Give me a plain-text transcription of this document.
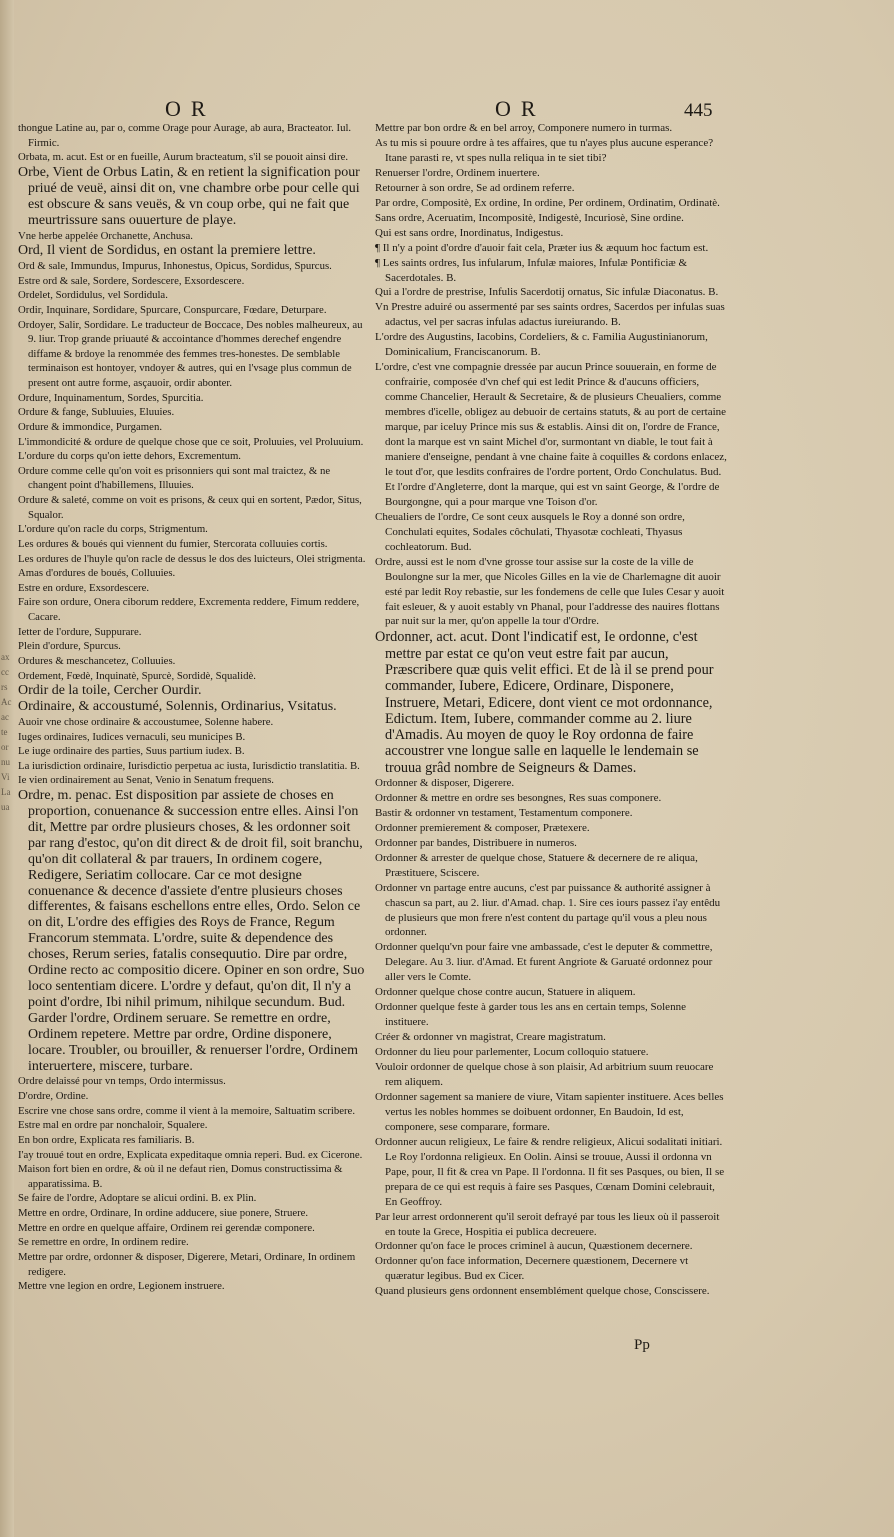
ax
cc
rs
Ac
ac
te
or
nu
Vi
La
ua
OR	OR	445

thongue Latine au, par o, comme Orage pour Aurage, ab aura, Bracteator. Iul. Firmic.

Orbata, m. acut. Est or en fueille, Aurum bracteatum, s'il se pouoit ainsi dire.

Orbe, Vient de Orbus Latin, & en retient la signification pour priué de veuë, ainsi dit on, vne chambre orbe pour celle qui est obscure & sans veuës, & vn coup orbe, qui ne fait que meurtrissure sans ouuerture de playe.

Vne herbe appelée Orchanette, Anchusa.

Ord, Il vient de Sordidus, en ostant la premiere lettre.

Ord & sale, Immundus, Impurus, Inhonestus, Opicus, Sordidus, Spurcus.

Estre ord & sale, Sordere, Sordescere, Exsordescere.

Ordelet, Sordidulus, vel Sordidula.

Ordir, Inquinare, Sordidare, Spurcare, Conspurcare, Fœdare, Deturpare.

Ordoyer, Salir, Sordidare. Le traducteur de Boccace, Des nobles malheureux, au 9. liur. Trop grande priuauté & accointance d'hommes derechef engendre diffame & brdoye la renommée des femmes tres-honestes. De semblable terminaison est hontoyer, vndoyer & autres, qui en l'vsage plus commun de present ont autre forme, asçauoir, ordir abonter.

Ordure, Inquinamentum, Sordes, Spurcitia.

Ordure & fange, Subluuies, Eluuies.

Ordure & immondice, Purgamen.

L'immondicité & ordure de quelque chose que ce soit, Proluuies, vel Proluuium.

L'ordure du corps qu'on iette dehors, Excrementum.

Ordure comme celle qu'on voit es prisonniers qui sont mal traictez, & ne changent point d'habillemens, Illuuies.

Ordure & saleté, comme on voit es prisons, & ceux qui en sortent, Pædor, Situs, Squalor.

L'ordure qu'on racle du corps, Strigmentum.

Les ordures & boués qui viennent du fumier, Stercorata colluuies cortis.

Les ordures de l'huyle qu'on racle de dessus le dos des luicteurs, Olei strigmenta.

Amas d'ordures de boués, Colluuies.

Estre en ordure, Exsordescere.

Faire son ordure, Onera ciborum reddere, Excrementa reddere, Fimum reddere, Cacare.

Ietter de l'ordure, Suppurare.

Plein d'ordure, Spurcus.

Ordures & meschancetez, Colluuies.

Ordement, Fœdè, Inquinatè, Spurcè, Sordidè, Squalidè.

Ordir de la toile, Cercher Ourdir.

Ordinaire, & accoustumé, Solennis, Ordinarius, Vsitatus.

Auoir vne chose ordinaire & accoustumee, Solenne habere.

Iuges ordinaires, Iudices vernaculi, seu municipes B.

Le iuge ordinaire des parties, Suus partium iudex. B.

La iurisdiction ordinaire, Iurisdictio perpetua ac iusta, Iurisdictio translatitia. B.

Ie vien ordinairement au Senat, Venio in Senatum frequens.

Ordre, m. penac. Est disposition par assiete de choses en proportion, conuenance & succession entre elles. Ainsi l'on dit, Mettre par ordre plusieurs choses, & les ordonner soit par rang d'estoc, qu'on dit direct & de droit fil, soit branchu, qu'on dit collateral & par trauers, In ordinem cogere, Redigere, Seriatim collocare. Car ce mot designe conuenance & decence d'assiete d'entre plusieurs choses differentes, & faisans eschellons entre elles, Ordo. Selon ce on dit, L'ordre des effigies des Roys de France, Regum Francorum stemmata. L'ordre, suite & dependence des choses, Rerum series, fatalis consequutio. Dire par ordre, Ordine recto ac compositio dicere. Opiner en son ordre, Suo loco sententiam dicere. L'ordre y defaut, qu'on dit, Il n'y a point d'ordre, Ibi nihil primum, nihilque secundum. Bud. Garder l'ordre, Ordinem seruare. Se remettre en ordre, Ordinem repetere. Mettre par ordre, Ordine disponere, locare. Troubler, ou brouiller, & renuerser l'ordre, Ordinem interuertere, miscere, turbare.

Ordre delaissé pour vn temps, Ordo intermissus.

D'ordre, Ordine.

Escrire vne chose sans ordre, comme il vient à la memoire, Saltuatim scribere.

Estre mal en ordre par nonchaloir, Squalere.

En bon ordre, Explicata res familiaris. B.

I'ay trouué tout en ordre, Explicata expeditaque omnia reperi. Bud. ex Cicerone.

Maison fort bien en ordre, & où il ne defaut rien, Domus constructissima & apparatissima. B.

Se faire de l'ordre, Adoptare se alicui ordini. B. ex Plin.

Mettre en ordre, Ordinare, In ordine adducere, siue ponere, Struere.

Mettre en ordre en quelque affaire, Ordinem rei gerendæ componere.

Se remettre en ordre, In ordinem redire.

Mettre par ordre, ordonner & disposer, Digerere, Metari, Ordinare, In ordinem redigere.

Mettre vne legion en ordre, Legionem instruere.

Mettre par bon ordre & en bel arroy, Componere numero in turmas.

As tu mis si pouure ordre à tes affaires, que tu n'ayes plus aucune esperance? Itane parasti re, vt spes nulla reliqua in te siet tibi?

Renuerser l'ordre, Ordinem inuertere.

Retourner à son ordre, Se ad ordinem referre.

Par ordre, Compositè, Ex ordine, In ordine, Per ordinem, Ordinatim, Ordinatè.

Sans ordre, Aceruatim, Incompositè, Indigestè, Incuriosè, Sine ordine.

Qui est sans ordre, Inordinatus, Indigestus.

¶ Il n'y a point d'ordre d'auoir fait cela, Præter ius & æquum hoc factum est.

¶ Les saints ordres, Ius infularum, Infulæ maiores, Infulæ Pontificiæ & Sacerdotales. B.

Qui a l'ordre de prestrise, Infulis Sacerdotij ornatus, Sic infulæ Diaconatus. B.

Vn Prestre aduiré ou assermenté par ses saints ordres, Sacerdos per infulas suas adactus, vel per sacras infulas adactus iureiurando. B.

L'ordre des Augustins, Iacobins, Cordeliers, & c. Familia Augustinianorum, Dominicalium, Franciscanorum. B.

L'ordre, c'est vne compagnie dressée par aucun Prince souuerain, en forme de confrairie, composée d'vn chef qui est ledit Prince & d'aucuns officiers, comme Chancelier, Herault & Secretaire, & de plusieurs Cheualiers, comme membres d'icelle, obligez au debuoir de certains statuts, & au port de certaine marque, par iceluy Prince mis sus & establis. Ainsi dit on, l'ordre de France, dont la marque est vn saint Michel d'or, surmontant vn diable, le tout fait à maniere d'enseigne, pendant à vne chaine faite à coquilles & cordons enlacez, le tout d'or, que lesdits confraires de l'ordre portent, Ordo Conchulatus. Bud. Et l'ordre d'Angleterre, dont la marque, qui est vn saint George, & l'ordre de Bourgongne, qui a pour marque vne Toison d'or.

Cheualiers de l'ordre, Ce sont ceux ausquels le Roy a donné son ordre, Conchulati equites, Sodales côchulati, Thyasotæ cochleati, Thyasus cochleatorum. Bud.

Ordre, aussi est le nom d'vne grosse tour assise sur la coste de la ville de Boulongne sur la mer, que Nicoles Gilles en la vie de Charlemagne dit auoir esté par ledit Roy rebastie, sur les fondemens de celle que Iules Cesar y auoit fait esleuer, & y auoit estably vn Phanal, pour l'addresse des nauires flottans par nuit sur la mer, qu'on appelle la tour d'Ordre.

Ordonner, act. acut. Dont l'indicatif est, Ie ordonne, c'est mettre par estat ce qu'on veut estre fait par aucun, Præscribere quæ quis velit effici. Et de là il se prend pour commander, Iubere, Edicere, Ordinare, Disponere, Instruere, Metari, Edicere, dont vient ce mot ordonnance, Edictum. Item, Iubere, commander comme au 2. liure d'Amadis. Au moyen de quoy le Roy ordonna de faire accoustrer vne longue salle en laquelle le lendemain se trouua grâd nombre de Seigneurs & Dames.

Ordonner & disposer, Digerere.

Ordonner & mettre en ordre ses besongnes, Res suas componere.

Bastir & ordonner vn testament, Testamentum componere.

Ordonner premierement & composer, Prætexere.

Ordonner par bandes, Distribuere in numeros.

Ordonner & arrester de quelque chose, Statuere & decernere de re aliqua, Præstituere, Sciscere.

Ordonner vn partage entre aucuns, c'est par puissance & authorité assigner à chascun sa part, au 2. liur. d'Amad. chap. 1. Sire ces iours passez i'ay entêdu de plusieurs que mon frere n'est content du partage qu'il vous a pleu nous ordonner.

Ordonner quelqu'vn pour faire vne ambassade, c'est le deputer & commettre, Delegare. Au 3. liur. d'Amad. Et furent Angriote & Garuaté ordonnez pour aller vers le Comte.

Ordonner quelque chose contre aucun, Statuere in aliquem.

Ordonner quelque feste à garder tous les ans en certain temps, Solenne instituere.

Créer & ordonner vn magistrat, Creare magistratum.

Ordonner du lieu pour parlementer, Locum colloquio statuere.

Vouloir ordonner de quelque chose à son plaisir, Ad arbitrium suum reuocare rem aliquem.

Ordonner sagement sa maniere de viure, Vitam sapienter instituere. Aces belles vertus les nobles hommes se doibuent ordonner, En Baudoin, Id est, componere, sese comparare, formare.

Ordonner aucun religieux, Le faire & rendre religieux, Alicui sodalitati initiari. Le Roy l'ordonna religieux. En Oolin. Ainsi se trouue, Aussi il ordonna vn Pape, pour, Il fit & crea vn Pape. Il l'ordonna. Il fit ses Pasques, ou bien, Il se prepara de ce qui est requis à faire ses Pasques, Cœnam Domini celebrauit, En Geoffroy.

Par leur arrest ordonnerent qu'il seroit defrayé par tous les lieux où il passeroit en toute la Grece, Hospitia ei publica decreuere.

Ordonner qu'on face le proces criminel à aucun, Quæstionem decernere.

Ordonner qu'on face information, Decernere quæstionem, Decernere vt quæratur legibus. Bud ex Cicer.

Quand plusieurs gens ordonnent ensemblément quelque chose, Conscissere.

Pp
